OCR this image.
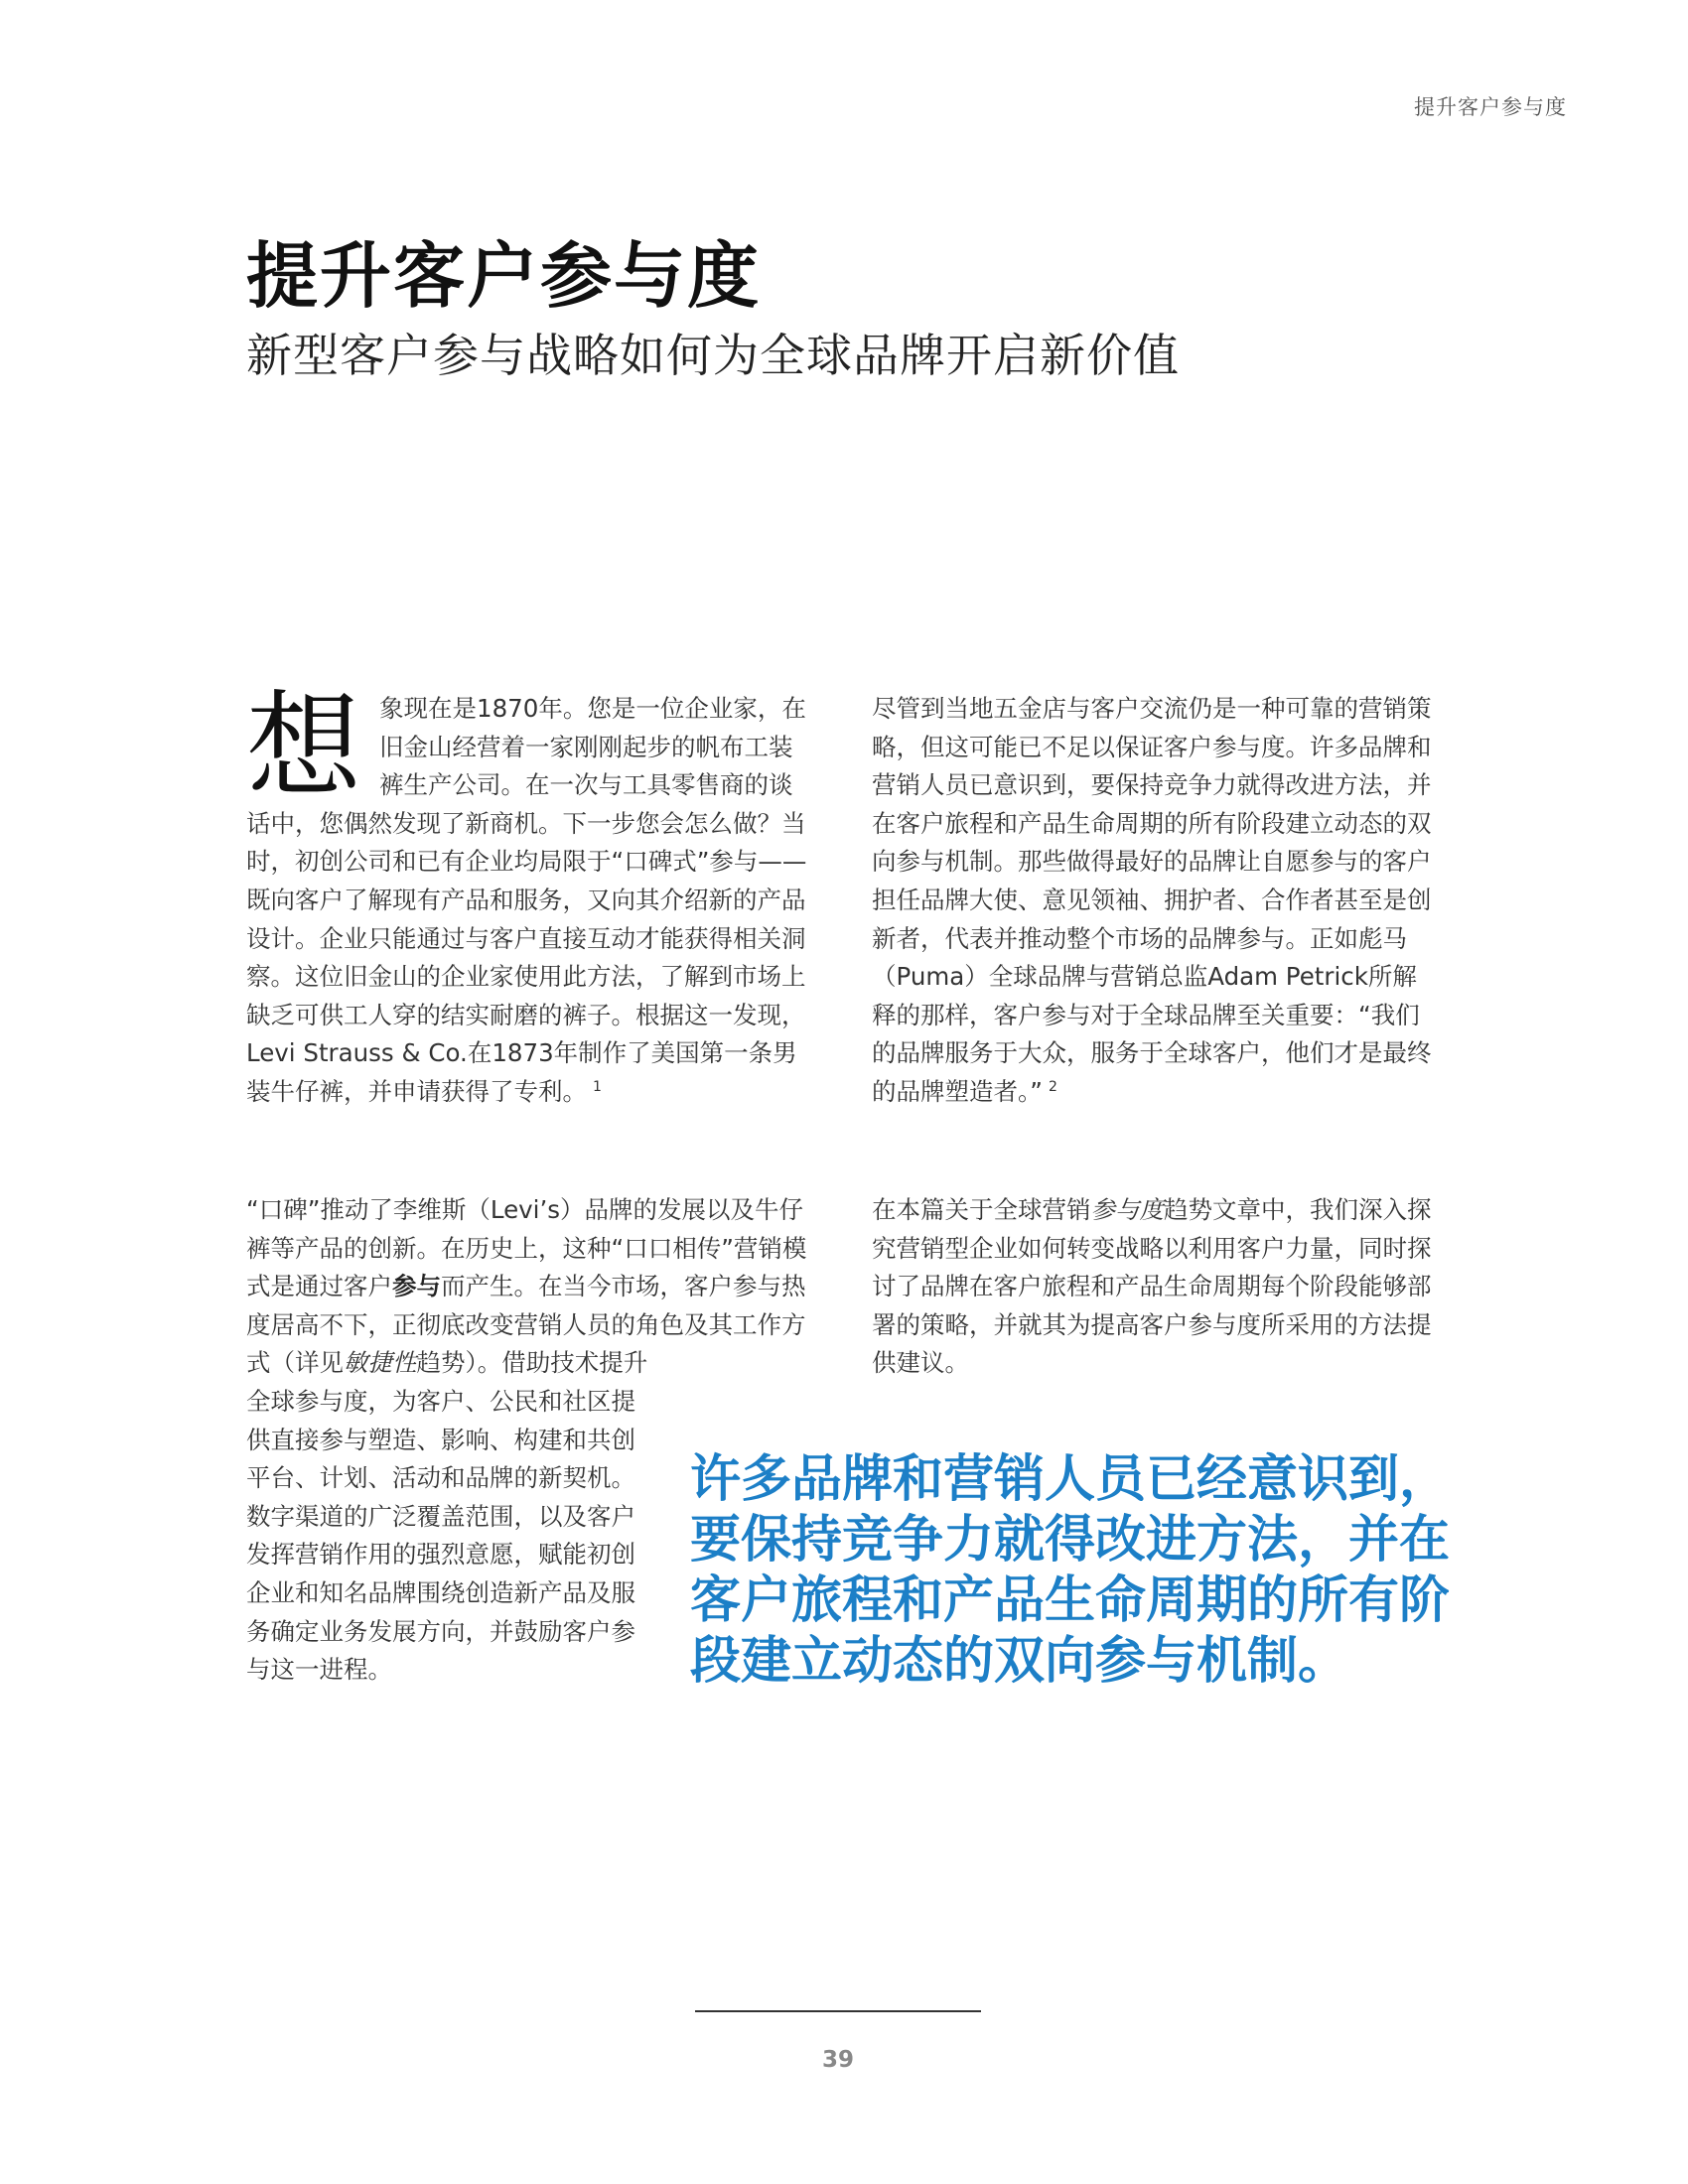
提升客户参与度
提升客户参与度
新型客户参与战略如何为全球品牌开启新价值

想象现在是1870年。您是一位企业家，在旧金山经营着一家刚刚起步的帆布工装裤生产公司。在一次与工具零售商的谈话中，您偶然发现了新商机。下一步您会怎么做？当时，初创公司和已有企业均局限于“口碑式”参与——既向客户了解现有产品和服务，又向其介绍新的产品设计。企业只能通过与客户直接互动才能获得相关洞察。这位旧金山的企业家使用此方法，了解到市场上缺乏可供工人穿的结实耐磨的裤子。根据这一发现，Levi Strauss & Co.在1873年制作了美国第一条男装牛仔裤，并申请获得了专利。 $^1$

“口碑”推动了李维斯（Levi’s）品牌的发展以及牛仔裤等产品的创新。在历史上，这种“口口相传”营销模式是通过客户参与而产生。在当今市场，客户参与热度居高不下，正彻底改变营销人员的角色及其工作方式（详见敏捷性趋势）。借助技术提升
全球参与度，为客户、公民和社区提供直接参与塑造、影响、构建和共创平台、计划、活动和品牌的新契机。数字渠道的广泛覆盖范围，以及客户发挥营销作用的强烈意愿，赋能初创企业和知名品牌围绕创造新产品及服务确定业务发展方向，并鼓励客户参与这一进程。

尽管到当地五金店与客户交流仍是一种可靠的营销策略，但这可能已不足以保证客户参与度。许多品牌和营销人员已意识到，要保持竞争力就得改进方法，并在客户旅程和产品生命周期的所有阶段建立动态的双向参与机制。那些做得最好的品牌让自愿参与的客户担任品牌大使、意见领袖、拥护者、合作者甚至是创新者，代表并推动整个市场的品牌参与。正如彪马（Puma）全球品牌与营销总监Adam Petrick所解释的那样，客户参与对于全球品牌至关重要：“我们的品牌服务于大众，服务于全球客户，他们才是最终的品牌塑造者。” $^2$

在本篇关于全球营销参与度趋势文章中，我们深入探究营销型企业如何转变战略以利用客户力量，同时探讨了品牌在客户旅程和产品生命周期每个阶段能够部署的策略，并就其为提高客户参与度所采用的方法提供建议。

许多品牌和营销人员已经意识到，要保持竞争力就得改进方法，并在客户旅程和产品生命周期的所有阶段建立动态的双向参与机制。

39
